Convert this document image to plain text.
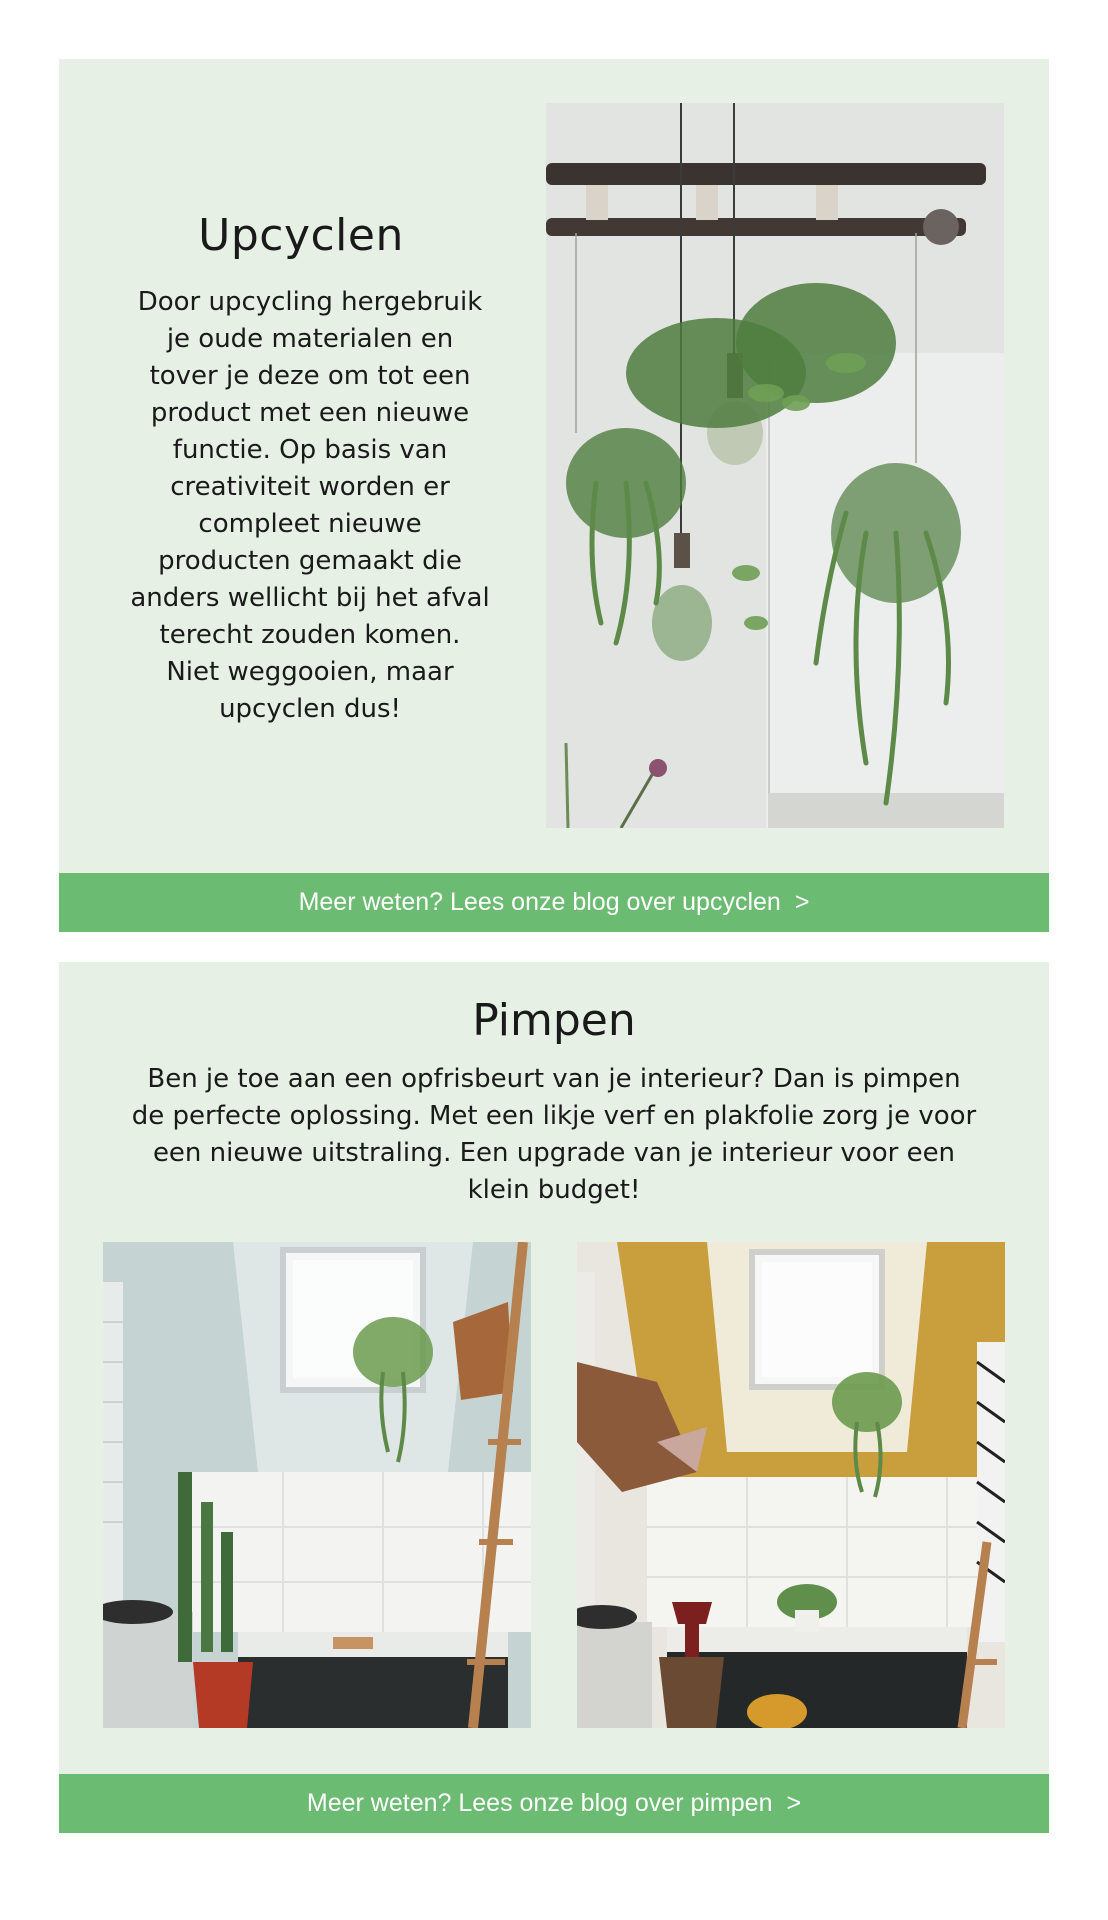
Upcyclen

Door upcycling hergebruik je oude materialen en tover je deze om tot een product met een nieuwe functie. Op basis van creativiteit worden er compleet nieuwe producten gemaakt die anders wellicht bij het afval terecht zouden komen. Niet weggooien, maar upcyclen dus!

Meer weten? Lees onze blog over upcyclen >
Pimpen

Ben je toe aan een opfrisbeurt van je interieur? Dan is pimpen de perfecte oplossing. Met een likje verf en plakfolie zorg je voor een nieuwe uitstraling. Een upgrade van je interieur voor een klein budget!

Meer weten? Lees onze blog over pimpen >
